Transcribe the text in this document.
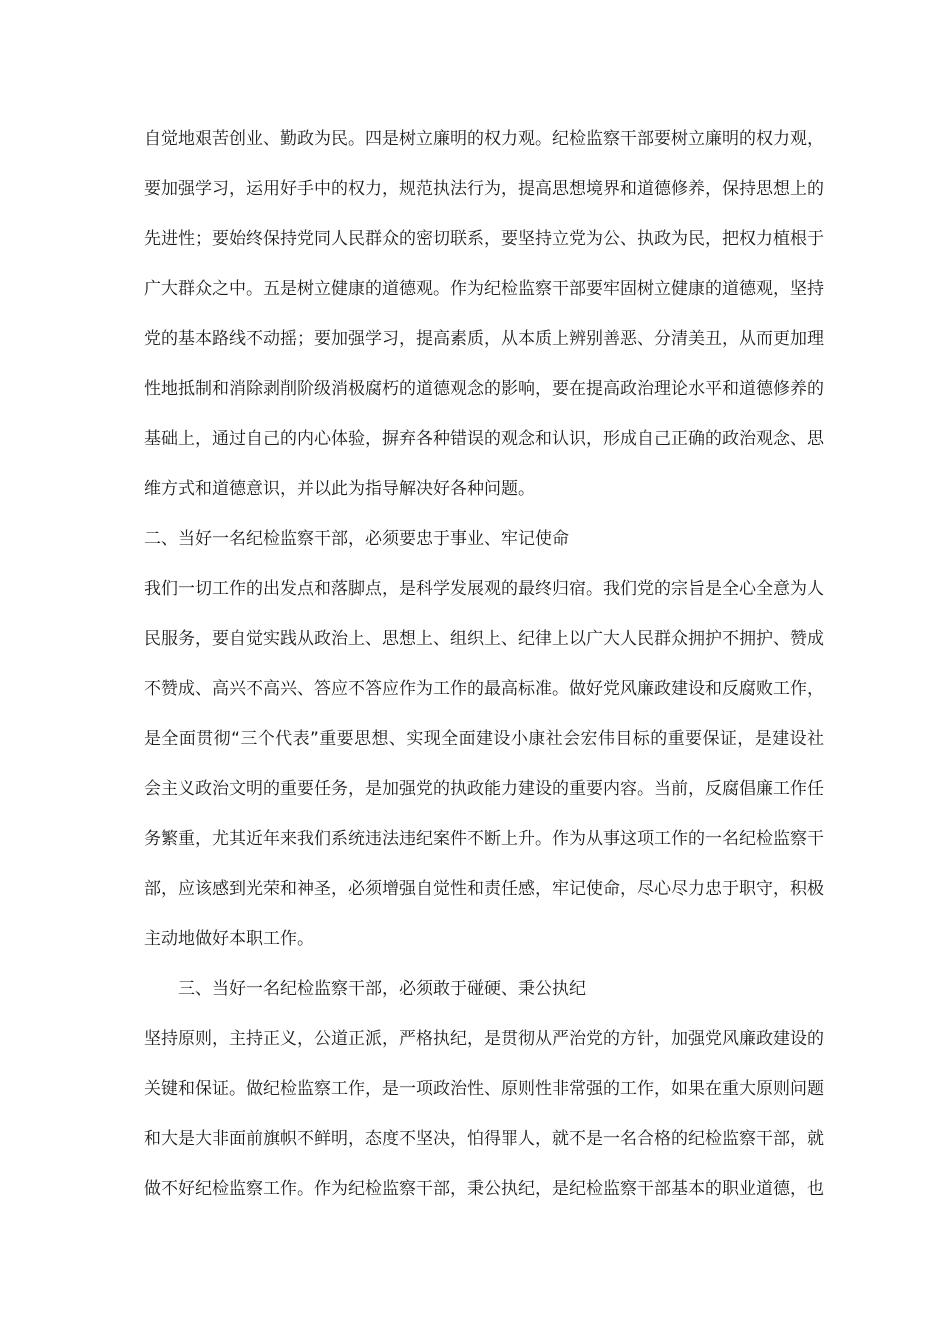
自觉地艰苦创业、勤政为民。四是树立廉明的权力观。纪检监察干部要树立廉明的权力观，
要加强学习，运用好手中的权力，规范执法行为，提高思想境界和道德修养，保持思想上的
先进性；要始终保持党同人民群众的密切联系，要坚持立党为公、执政为民，把权力植根于
广大群众之中。五是树立健康的道德观。作为纪检监察干部要牢固树立健康的道德观，坚持
党的基本路线不动摇；要加强学习，提高素质，从本质上辨别善恶、分清美丑，从而更加理
性地抵制和消除剥削阶级消极腐朽的道德观念的影响，要在提高政治理论水平和道德修养的
基础上，通过自己的内心体验，摒弃各种错误的观念和认识，形成自己正确的政治观念、思
维方式和道德意识，并以此为指导解决好各种问题。
二、当好一名纪检监察干部，必须要忠于事业、牢记使命
我们一切工作的出发点和落脚点，是科学发展观的最终归宿。我们党的宗旨是全心全意为人
民服务，要自觉实践从政治上、思想上、组织上、纪律上以广大人民群众拥护不拥护、赞成
不赞成、高兴不高兴、答应不答应作为工作的最高标准。做好党风廉政建设和反腐败工作，
是全面贯彻“三个代表”重要思想、实现全面建设小康社会宏伟目标的重要保证，是建设社
会主义政治文明的重要任务，是加强党的执政能力建设的重要内容。当前，反腐倡廉工作任
务繁重，尤其近年来我们系统违法违纪案件不断上升。作为从事这项工作的一名纪检监察干
部，应该感到光荣和神圣，必须增强自觉性和责任感，牢记使命，尽心尽力忠于职守，积极
主动地做好本职工作。
三、当好一名纪检监察干部，必须敢于碰硬、秉公执纪
坚持原则，主持正义，公道正派，严格执纪，是贯彻从严治党的方针，加强党风廉政建设的
关键和保证。做纪检监察工作，是一项政治性、原则性非常强的工作，如果在重大原则问题
和大是大非面前旗帜不鲜明，态度不坚决，怕得罪人，就不是一名合格的纪检监察干部，就
做不好纪检监察工作。作为纪检监察干部，秉公执纪，是纪检监察干部基本的职业道德，也
